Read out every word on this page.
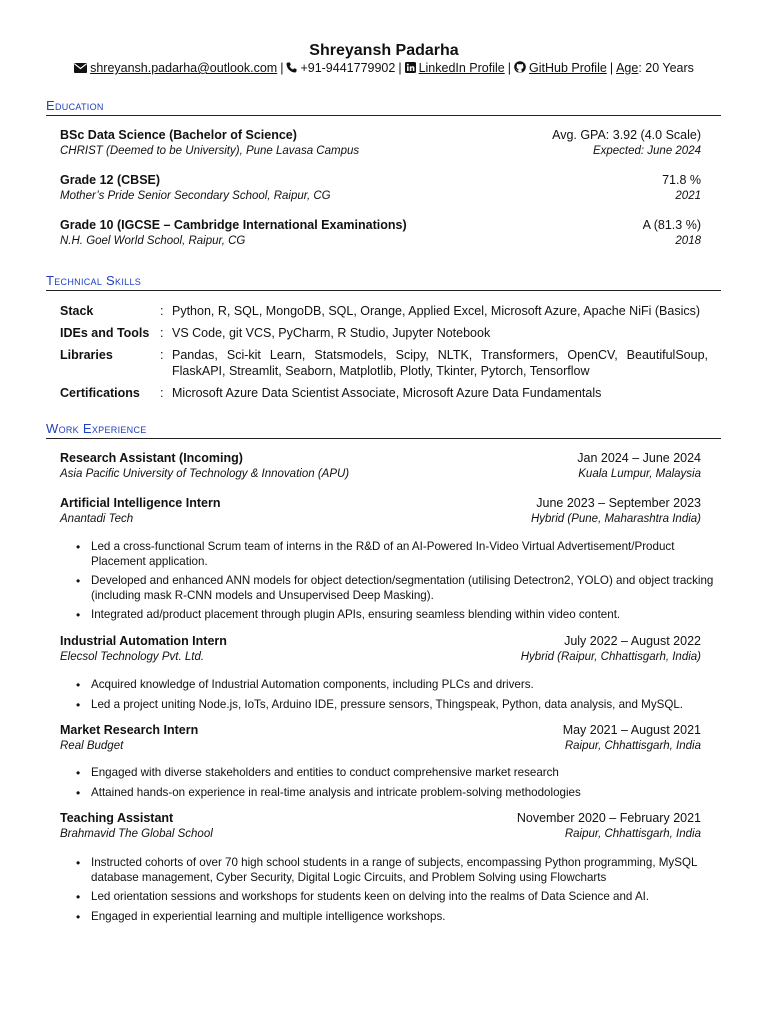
Shreyansh Padarha
shreyansh.padarha@outlook.com | +91-9441779902 | LinkedIn Profile | GitHub Profile | Age: 20 Years
Education
BSc Data Science (Bachelor of Science)	Avg. GPA: 3.92 (4.0 Scale)
CHRIST (Deemed to be University), Pune Lavasa Campus	Expected: June 2024
Grade 12 (CBSE)	71.8 %
Mother’s Pride Senior Secondary School, Raipur, CG	2021
Grade 10 (IGCSE – Cambridge International Examinations)	A (81.3 %)
N.H. Goel World School, Raipur, CG	2018
Technical Skills
Stack	: Python, R, SQL, MongoDB, SQL, Orange, Applied Excel, Microsoft Azure, Apache NiFi (Basics)
IDEs and Tools : VS Code, git VCS, PyCharm, R Studio, Jupyter Notebook
Libraries	: Pandas, Sci-kit Learn, Statsmodels, Scipy, NLTK, Transformers, OpenCV, BeautifulSoup, FlaskAPI, Streamlit, Seaborn, Matplotlib, Plotly, Tkinter, Pytorch, Tensorflow
Certifications	: Microsoft Azure Data Scientist Associate, Microsoft Azure Data Fundamentals
Work Experience
Research Assistant (Incoming)	Jan 2024 – June 2024
Asia Pacific University of Technology & Innovation (APU)	Kuala Lumpur, Malaysia
Artificial Intelligence Intern	June 2023 – September 2023
Anantadi Tech	Hybrid (Pune, Maharashtra India)
• Led a cross-functional Scrum team of interns in the R&D of an AI-Powered In-Video Virtual Advertisement/Product Placement application.
• Developed and enhanced ANN models for object detection/segmentation (utilising Detectron2, YOLO) and object tracking (including mask R-CNN models and Unsupervised Deep Masking).
• Integrated ad/product placement through plugin APIs, ensuring seamless blending within video content.
Industrial Automation Intern	July 2022 – August 2022
Elecsol Technology Pvt. Ltd.	Hybrid (Raipur, Chhattisgarh, India)
• Acquired knowledge of Industrial Automation components, including PLCs and drivers.
• Led a project uniting Node.js, IoTs, Arduino IDE, pressure sensors, Thingspeak, Python, data analysis, and MySQL.
Market Research Intern	May 2021 – August 2021
Real Budget	Raipur, Chhattisgarh, India
• Engaged with diverse stakeholders and entities to conduct comprehensive market research
• Attained hands-on experience in real-time analysis and intricate problem-solving methodologies
Teaching Assistant	November 2020 – February 2021
Brahmavid The Global School	Raipur, Chhattisgarh, India
• Instructed cohorts of over 70 high school students in a range of subjects, encompassing Python programming, MySQL database management, Cyber Security, Digital Logic Circuits, and Problem Solving using Flowcharts
• Led orientation sessions and workshops for students keen on delving into the realms of Data Science and AI.
• Engaged in experiential learning and multiple intelligence workshops.
